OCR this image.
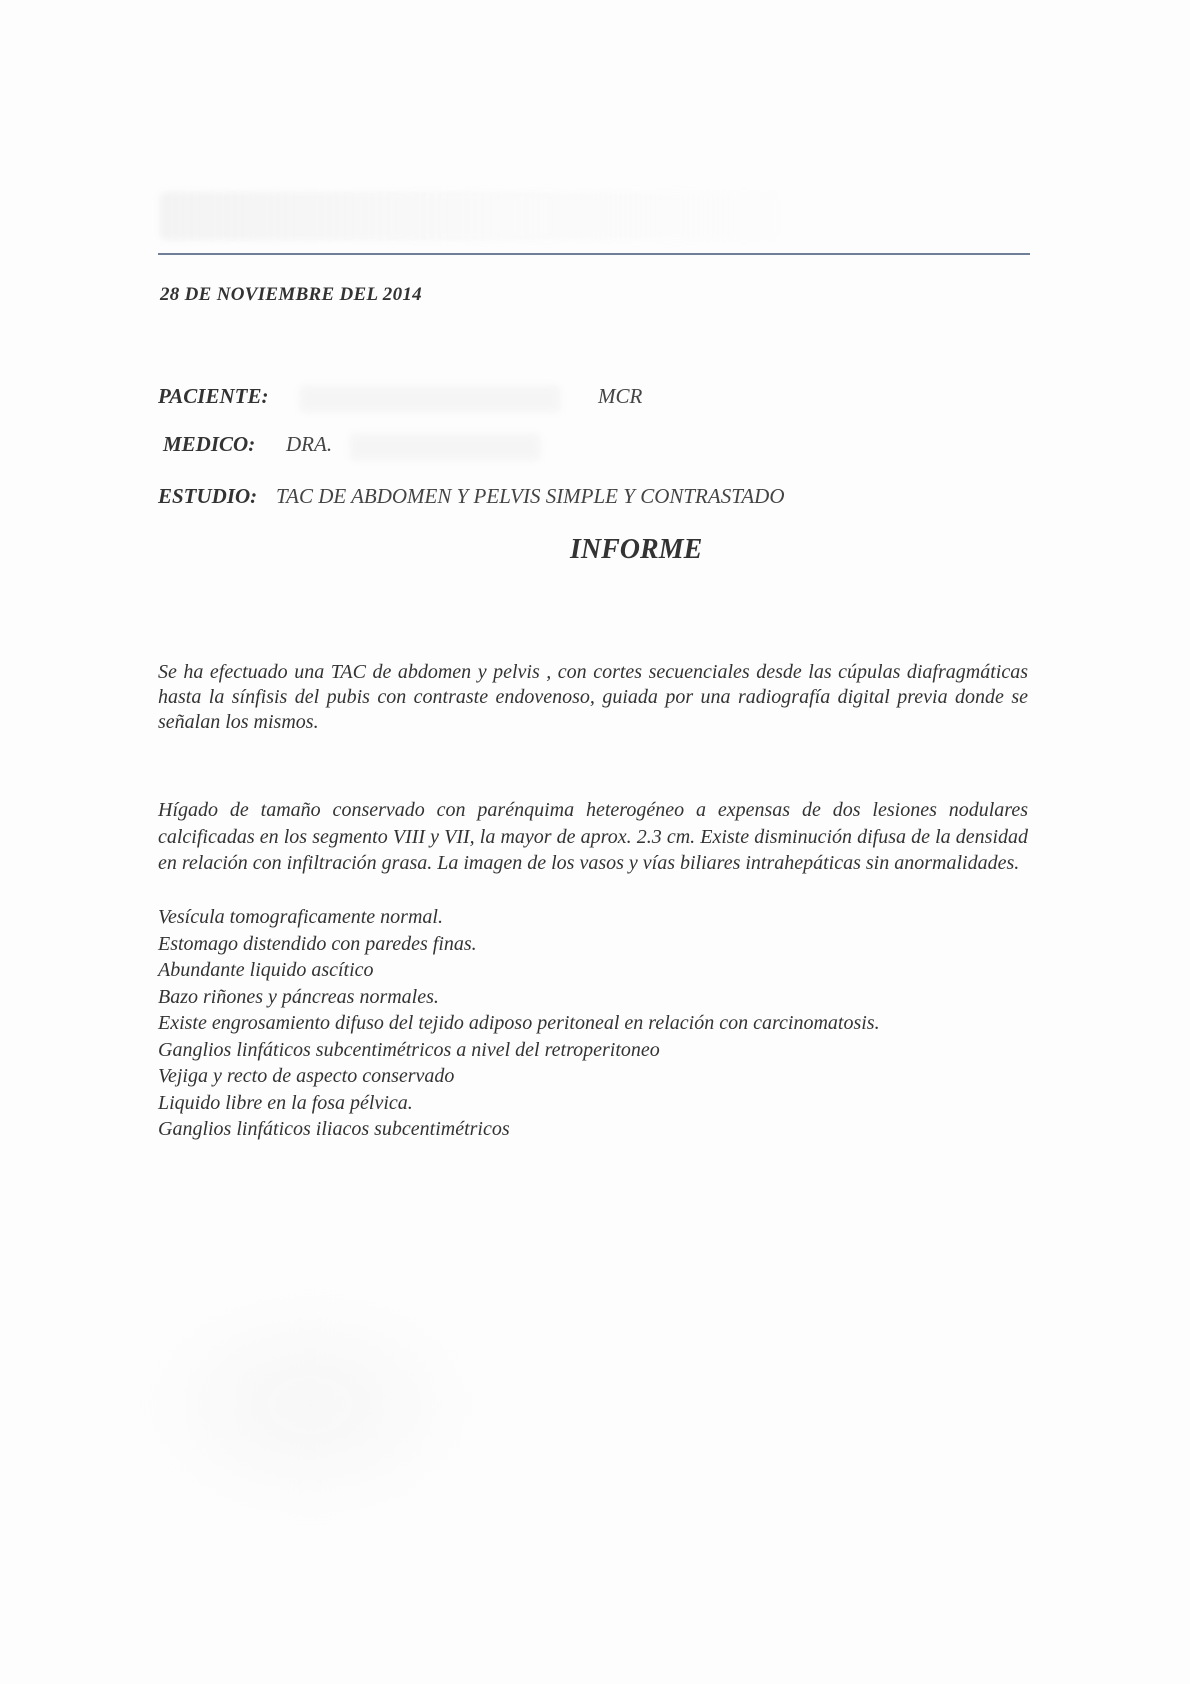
28 DE NOVIEMBRE DEL 2014
PACIENTE:	MCR
MEDICO: DRA.
ESTUDIO: TAC DE ABDOMEN Y PELVIS SIMPLE Y CONTRASTADO
INFORME
Se ha efectuado una TAC de abdomen y pelvis , con cortes secuenciales desde las cúpulas diafragmáticas hasta la sínfisis del pubis con contraste endovenoso, guiada por una radiografía digital previa donde se señalan los mismos.
Hígado de tamaño conservado con parénquima heterogéneo a expensas de dos lesiones nodulares calcificadas en los segmento VIII y VII, la mayor de aprox. 2.3 cm. Existe disminución difusa de la densidad en relación con infiltración grasa. La imagen de los vasos y vías biliares intrahepáticas sin anormalidades.
Vesícula tomograficamente normal.
Estomago distendido con paredes finas.
Abundante liquido ascítico
Bazo riñones y páncreas normales.
Existe engrosamiento difuso del tejido adiposo peritoneal en relación con carcinomatosis.
Ganglios linfáticos subcentimétricos a nivel del retroperitoneo
Vejiga y recto de aspecto conservado
Liquido libre en la fosa pélvica.
Ganglios linfáticos iliacos subcentimétricos
